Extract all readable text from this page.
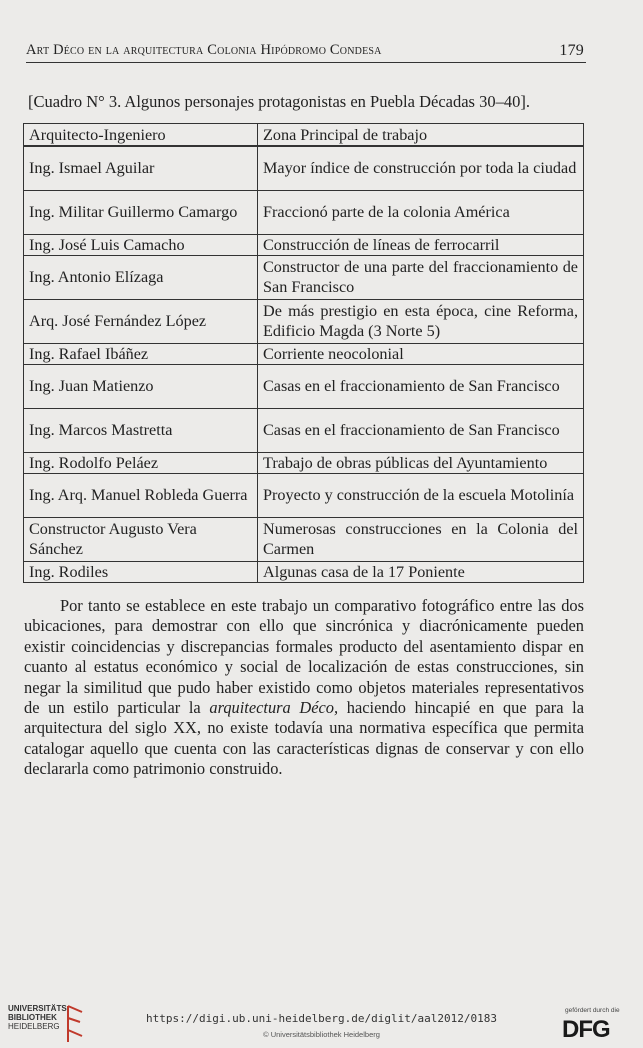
Art Déco en la arquitectura Colonia Hipódromo Condesa	179
[Cuadro N° 3. Algunos personajes protagonistas en Puebla Décadas 30–40].
Arquitecto-Ingeniero	Zona Principal de trabajo
Ing. Ismael Aguilar	Mayor índice de construcción por toda la ciudad
Ing. Militar Guillermo Camargo	Fraccionó parte de la colonia América
Ing. José Luis Camacho	Construcción de líneas de ferrocarril
Ing. Antonio Elízaga	Constructor de una parte del fraccionamiento de San Francisco
Arq. José Fernández López	De más prestigio en esta época, cine Reforma, Edificio Magda (3 Norte 5)
Ing. Rafael Ibáñez	Corriente neocolonial
Ing. Juan Matienzo	Casas en el fraccionamiento de San Francisco
Ing. Marcos Mastretta	Casas en el fraccionamiento de San Francisco
Ing. Rodolfo Peláez	Trabajo de obras públicas del Ayuntamiento
Ing. Arq. Manuel Robleda Guerra	Proyecto y construcción de la escuela Motolinía
Constructor Augusto Vera Sánchez	Numerosas construcciones en la Colonia del Carmen
Ing. Rodiles	Algunas casa de la 17 Poniente

Por tanto se establece en este trabajo un comparativo fotográfico entre las dos ubicaciones, para demostrar con ello que sincrónica y diacrónicamente pueden existir coincidencias y discrepancias formales producto del asentamiento dispar en cuanto al estatus económico y social de localización de estas construcciones, sin negar la similitud que pudo haber existido como objetos materiales representativos de un estilo particular la arquitectura Déco, haciendo hincapié en que para la arquitectura del siglo XX, no existe todavía una normativa específica que permita catalogar aquello que cuenta con las características dignas de conservar y con ello declararla como patrimonio construido.

UNIVERSITÄTS-
BIBLIOTHEK
HEIDELBERG
https://digi.ub.uni-heidelberg.de/diglit/aal2012/0183
© Universitätsbibliothek Heidelberg
gefördert durch die
DFG
